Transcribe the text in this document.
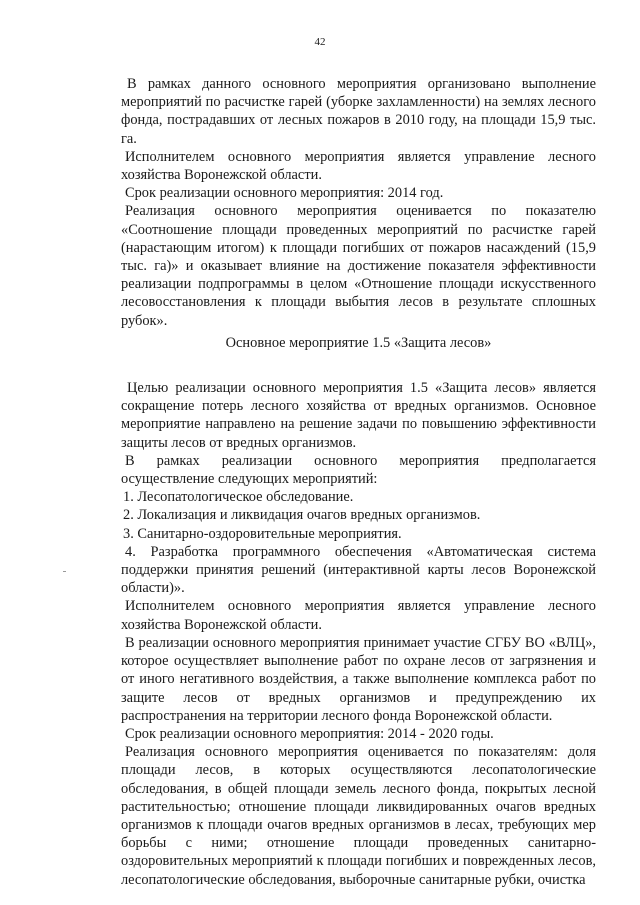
42

В рамках данного основного мероприятия организовано выполнение мероприятий по расчистке гарей (уборке захламленности) на землях лесного фонда, пострадавших от лесных пожаров в 2010 году, на площади 15,9 тыс. га.

Исполнителем основного мероприятия является управление лесного хозяйства Воронежской области.

Срок реализации основного мероприятия: 2014 год.

Реализация основного мероприятия оценивается по показателю «Соотношение площади проведенных мероприятий по расчистке гарей (нарастающим итогом) к площади погибших от пожаров насаждений (15,9 тыс. га)» и оказывает влияние на достижение показателя эффективности реализации подпрограммы в целом «Отношение площади искусственного лесовосстановления к площади выбытия лесов в результате сплошных рубок».

Основное мероприятие 1.5 «Защита лесов»

Целью реализации основного мероприятия 1.5 «Защита лесов» является сокращение потерь лесного хозяйства от вредных организмов. Основное мероприятие направлено на решение задачи по повышению эффективности защиты лесов от вредных организмов.

В рамках реализации основного мероприятия предполагается осуществление следующих мероприятий:

1. Лесопатологическое обследование.

2. Локализация и ликвидация очагов вредных организмов.

3. Санитарно-оздоровительные мероприятия.

4. Разработка программного обеспечения «Автоматическая система поддержки принятия решений (интерактивной карты лесов Воронежской области)».

Исполнителем основного мероприятия является управление лесного хозяйства Воронежской области.

В реализации основного мероприятия принимает участие СГБУ ВО «ВЛЦ», которое осуществляет выполнение работ по охране лесов от загрязнения и от иного негативного воздействия, а также выполнение комплекса работ по защите лесов от вредных организмов и предупреждению их распространения на территории лесного фонда Воронежской области.

Срок реализации основного мероприятия: 2014 - 2020 годы.

Реализация основного мероприятия оценивается по показателям: доля площади лесов, в которых осуществляются лесопатологические обследования, в общей площади земель лесного фонда, покрытых лесной растительностью; отношение площади ликвидированных очагов вредных организмов к площади очагов вредных организмов в лесах, требующих мер борьбы с ними; отношение площади проведенных санитарно-оздоровительных мероприятий к площади погибших и поврежденных лесов, лесопатологические обследования, выборочные санитарные рубки, очистка
